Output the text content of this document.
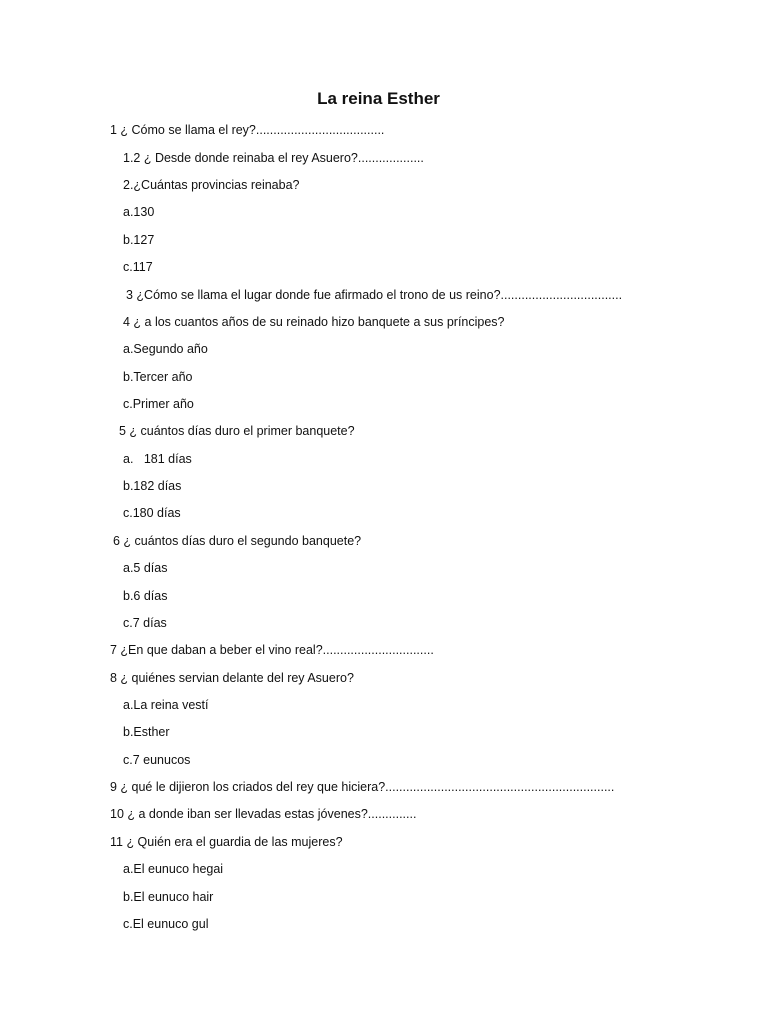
La reina Esther
1 ¿ Cómo se llama el rey?.....................................
1.2 ¿ Desde donde reinaba el rey Asuero?...................
2.¿Cuántas provincias reinaba?
a.130
b.127
c.117
3 ¿Cómo se llama el lugar donde fue afirmado el trono de us reino?...................................
4 ¿ a los cuantos años de su reinado hizo banquete a sus príncipes?
a.Segundo año
b.Tercer año
c.Primer año
5 ¿ cuántos días duro el primer banquete?
a.   181 días
b.182 días
c.180 días
6 ¿ cuántos días duro el segundo banquete?
a.5 días
b.6 días
c.7 días
7 ¿En que daban a beber el vino real?................................
8 ¿ quiénes servian delante del rey Asuero?
a.La reina vestí
b.Esther
c.7 eunucos
9 ¿ qué le dijieron los criados del rey que hiciera?..................................................................
10 ¿ a donde iban ser llevadas estas jóvenes?..............
11 ¿ Quién era el guardia de las mujeres?
a.El eunuco hegai
b.El eunuco hair
c.El eunuco gul
